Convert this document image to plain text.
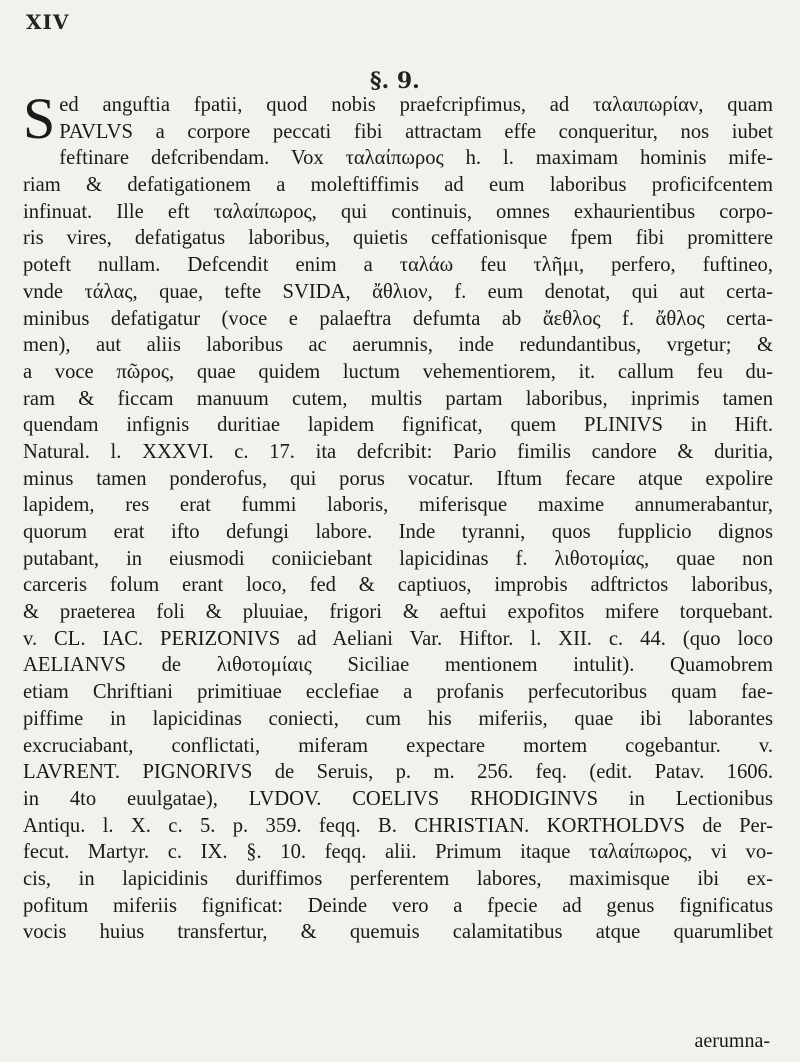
XIV
§. 9.
S ed anguftia fpatii, quod nobis praefcripfimus, ad ταλαιπωρίαν, quam
PAVLVS a corpore peccati fibi attractam effe conqueritur, nos iubet
feftinare defcribendam. Vox ταλαίπωρος h. l. maximam hominis mife-
riam & defatigationem a moleftiffimis ad eum laboribus proficifcentem
infinuat. Ille eft ταλαίπωρος, qui continuis, omnes exhaurientibus corpo-
ris vires, defatigatus laboribus, quietis ceffationisque fpem fibi promittere
poteft nullam. Defcendit enim a ταλάω feu τλῆμι, perfero, fuftineo,
vnde τάλας, quae, tefte SVIDA, ἄθλιον, f. eum denotat, qui aut certa-
minibus defatigatur (voce e palaeftra defumta ab ἄεθλος f. ἄθλος certa-
men), aut aliis laboribus ac aerumnis, inde redundantibus, vrgetur; &
a voce πῶρος, quae quidem luctum vehementiorem, it. callum feu du-
ram & ficcam manuum cutem, multis partam laboribus, inprimis tamen
quendam infignis duritiae lapidem fignificat, quem PLINIVS in Hift.
Natural. l. XXXVI. c. 17. ita defcribit: Pario fimilis candore & duritia,
minus tamen ponderofus, qui porus vocatur. Iftum fecare atque expolire
lapidem, res erat fummi laboris, miferisque maxime annumerabantur,
quorum erat ifto defungi labore. Inde tyranni, quos fupplicio dignos
putabant, in eiusmodi coniiciebant lapicidinas f. λιθοτομίας, quae non
carceris folum erant loco, fed & captiuos, improbis adftrictos laboribus,
& praeterea foli & pluuiae, frigori & aeftui expofitos mifere torquebant.
v. CL. IAC. PERIZONIVS ad Aeliani Var. Hiftor. l. XII. c. 44. (quo loco
AELIANVS de λιθοτομίαις Siciliae mentionem intulit). Quamobrem
etiam Chriftiani primitiuae ecclefiae a profanis perfecutoribus quam fae-
piffime in lapicidinas coniecti, cum his miferiis, quae ibi laborantes
excruciabant, conflictati, miferam expectare mortem cogebantur. v.
LAVRENT. PIGNORIVS de Seruis, p. m. 256. feq. (edit. Patav. 1606.
in 4to euulgatae), LVDOV. COELIVS RHODIGINVS in Lectionibus
Antiqu. l. X. c. 5. p. 359. feqq. B. CHRISTIAN. KORTHOLDVS de Per-
fecut. Martyr. c. IX. §. 10. feqq. alii. Primum itaque ταλαίπωρος, vi vo-
cis, in lapicidinis duriffimos perferentem labores, maximisque ibi ex-
pofitum miferiis fignificat: Deinde vero a fpecie ad genus fignificatus
vocis huius transfertur, & quemuis calamitatibus atque quarumlibet
aerumna-
